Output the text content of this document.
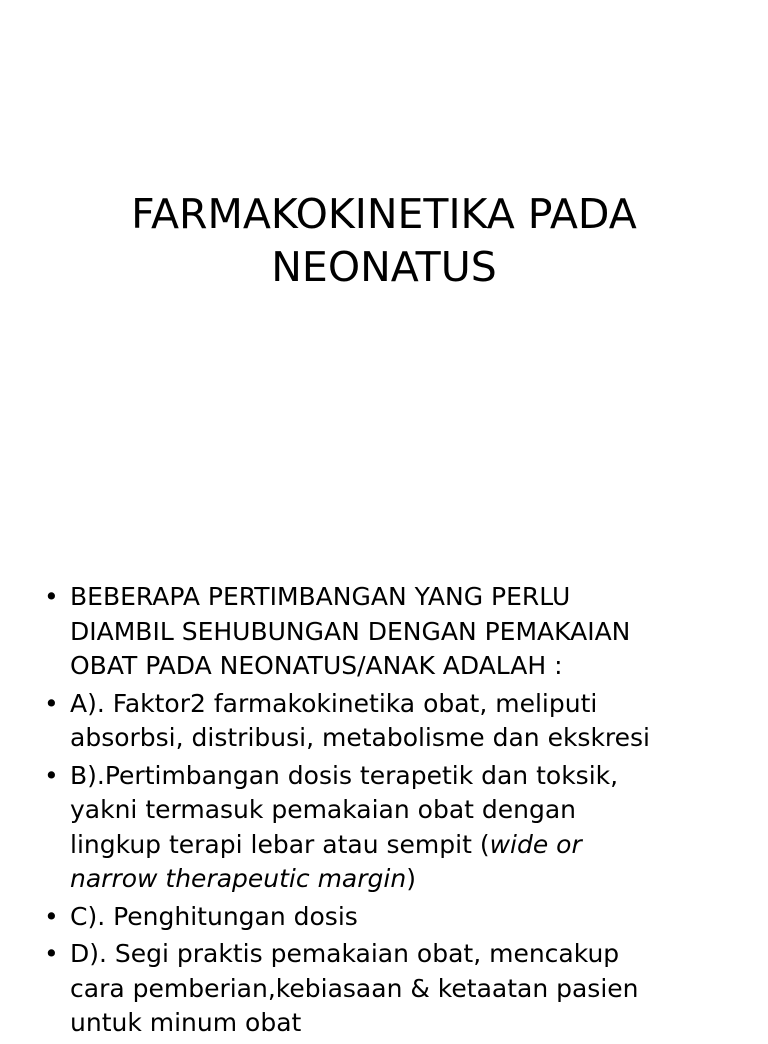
FARMAKOKINETIKA PADA
NEONATUS
• BEBERAPA PERTIMBANGAN YANG PERLU
DIAMBIL SEHUBUNGAN DENGAN PEMAKAIAN
OBAT PADA NEONATUS/ANAK ADALAH :
• A). Faktor2 farmakokinetika obat, meliputi
absorbsi, distribusi, metabolisme dan ekskresi
• B).Pertimbangan dosis terapetik dan toksik,
yakni termasuk pemakaian obat dengan
lingkup terapi lebar atau sempit (wide or
narrow therapeutic margin)
• C). Penghitungan dosis
• D). Segi praktis pemakaian obat, mencakup
cara pemberian,kebiasaan & ketaatan pasien
untuk minum obat
